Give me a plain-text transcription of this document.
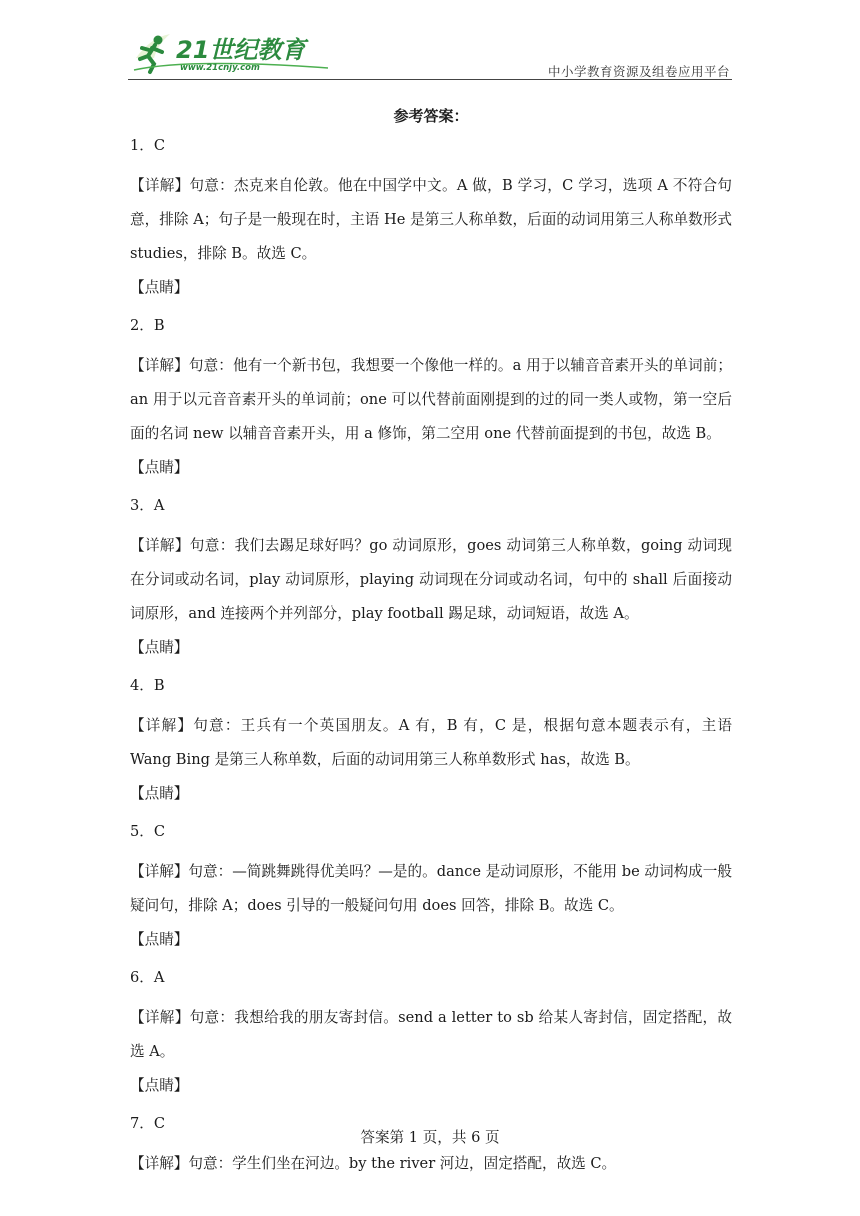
21世纪教育
www.21cnjy.com	中小学教育资源及组卷应用平台
参考答案：
1．C
【详解】句意：杰克来自伦敦。他在中国学中文。A 做，B 学习，C 学习，选项 A 不符合句意，排除 A；句子是一般现在时，主语 He 是第三人称单数，后面的动词用第三人称单数形式 studies，排除 B。故选 C。
【点睛】
2．B
【详解】句意：他有一个新书包，我想要一个像他一样的。a 用于以辅音音素开头的单词前；an 用于以元音音素开头的单词前；one 可以代替前面刚提到的过的同一类人或物，第一空后面的名词 new 以辅音音素开头，用 a 修饰，第二空用 one 代替前面提到的书包，故选 B。
【点睛】
3．A
【详解】句意：我们去踢足球好吗？go 动词原形，goes 动词第三人称单数，going 动词现在分词或动名词，play 动词原形，playing 动词现在分词或动名词，句中的 shall 后面接动词原形，and 连接两个并列部分，play football 踢足球，动词短语，故选 A。
【点睛】
4．B
【详解】句意：王兵有一个英国朋友。A 有，B 有，C 是，根据句意本题表示有，主语 Wang Bing 是第三人称单数，后面的动词用第三人称单数形式 has，故选 B。
【点睛】
5．C
【详解】句意：—简跳舞跳得优美吗？—是的。dance 是动词原形，不能用 be 动词构成一般疑问句，排除 A；does 引导的一般疑问句用 does 回答，排除 B。故选 C。
【点睛】
6．A
【详解】句意：我想给我的朋友寄封信。send a letter to sb 给某人寄封信，固定搭配，故选 A。
【点睛】
7．C
【详解】句意：学生们坐在河边。by the river 河边，固定搭配，故选 C。
答案第 1 页，共 6 页
